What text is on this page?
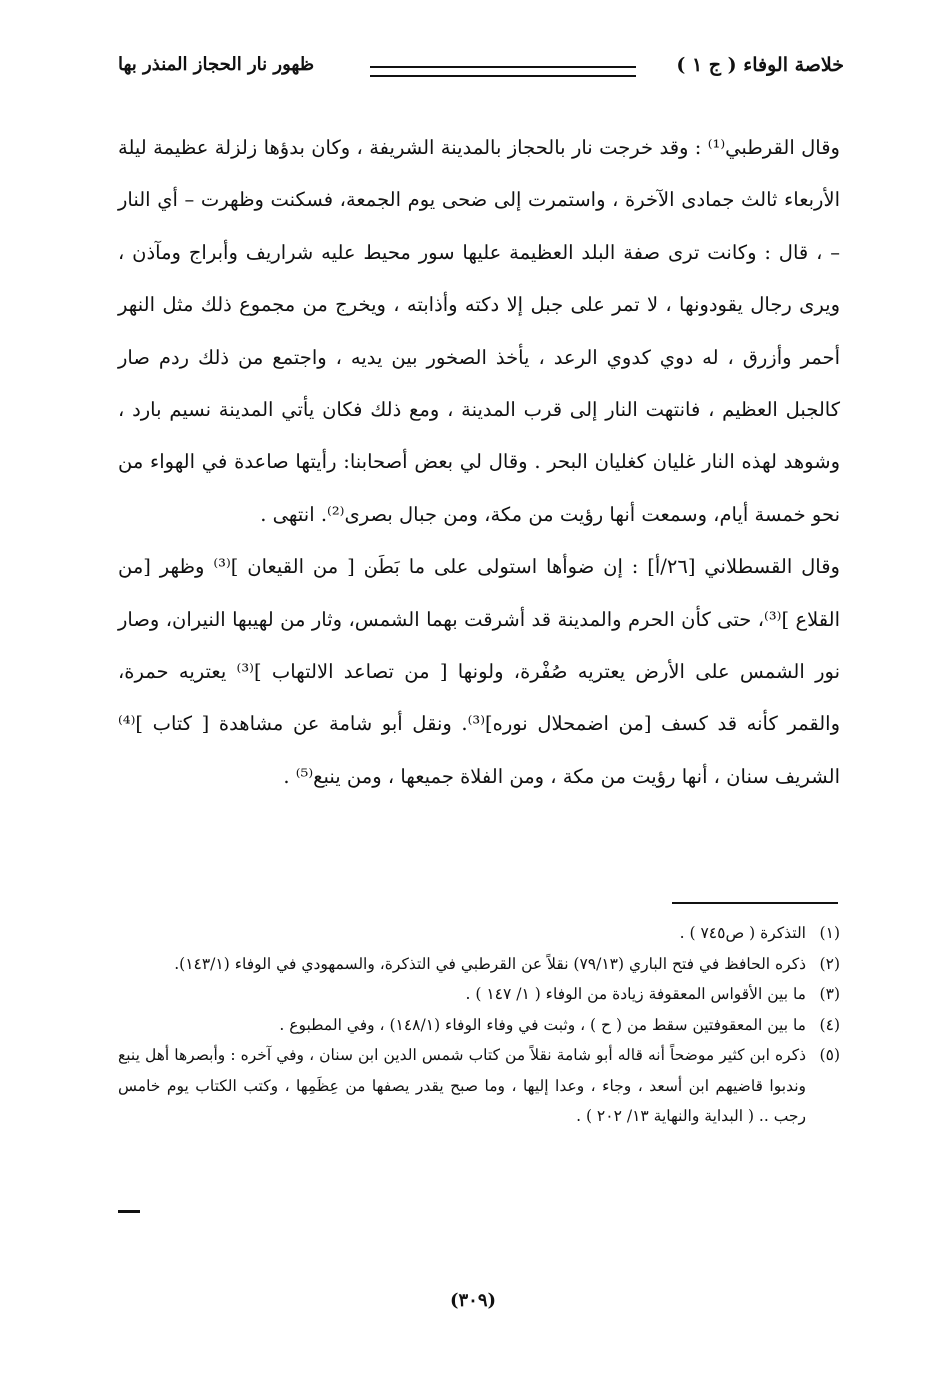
خلاصة الوفاء ( ج ١ )
ظهور نار الحجاز المنذر بها

وقال القرطبي⁽¹⁾ : وقد خرجت نار بالحجاز بالمدينة الشريفة ، وكان بدؤها زلزلة عظيمة ليلة الأربعاء ثالث جمادى الآخرة ، واستمرت إلى ضحى يوم الجمعة، فسكنت وظهرت – أي النار – ، قال : وكانت ترى صفة البلد العظيمة عليها سور محيط عليه شراريف وأبراج ومآذن ، ويرى رجال يقودونها ، لا تمر على جبل إلا دكته وأذابته ، ويخرج من مجموع ذلك مثل النهر أحمر وأزرق ، له دوي كدوي الرعد ، يأخذ الصخور بين يديه ، واجتمع من ذلك ردم صار كالجبل العظيم ، فانتهت النار إلى قرب المدينة ، ومع ذلك فكان يأتي المدينة نسيم بارد ، وشوهد لهذه النار غليان كغليان البحر . وقال لي بعض أصحابنا: رأيتها صاعدة في الهواء من نحو خمسة أيام، وسمعت أنها رؤيت من مكة، ومن جبال بصرى⁽²⁾. انتهى .

وقال القسطلاني [٢٦/أ] : إن ضوأها استولى على ما بَطَن [ من القيعان ]⁽³⁾ وظهر [من القلاع ]⁽³⁾، حتى كأن الحرم والمدينة قد أشرقت بهما الشمس، وثار من لهيبها النيران، وصار نور الشمس على الأرض يعتريه صُفْرة، ولونها [ من تصاعد الالتهاب ]⁽³⁾ يعتريه حمرة، والقمر كأنه قد كسف [من اضمحلال نوره]⁽³⁾. ونقل أبو شامة عن مشاهدة [ كتاب ]⁽⁴⁾ الشريف سنان ، أنها رؤيت من مكة ، ومن الفلاة جميعها ، ومن ينبع⁽⁵⁾ .

(١)
التذكرة ( ص٧٤٥ ) .

(٢)
ذكره الحافظ في فتح الباري (٧٩/١٣) نقلاً عن القرطبي في التذكرة، والسمهودي في الوفاء (١٤٣/١).

(٣)
ما بين الأقواس المعقوفة زيادة من الوفاء ( ١/ ١٤٧ ) .

(٤)
ما بين المعقوفتين سقط من ( ح ) ، وثبت في وفاء الوفاء (١٤٨/١) ، وفي المطبوع .

(٥)
ذكره ابن كثير موضحاً أنه قاله أبو شامة نقلاً من كتاب شمس الدين ابن سنان ، وفي آخره : وأبصرها أهل ينبع وندبوا قاضيهم ابن أسعد ، وجاء ، وعدا إليها ، وما صبح يقدر يصفها من عِظَمِها ، وكتب الكتاب يوم خامس رجب .. ( البداية والنهاية ١٣/ ٢٠٢ ) .

(٣٠٩)
